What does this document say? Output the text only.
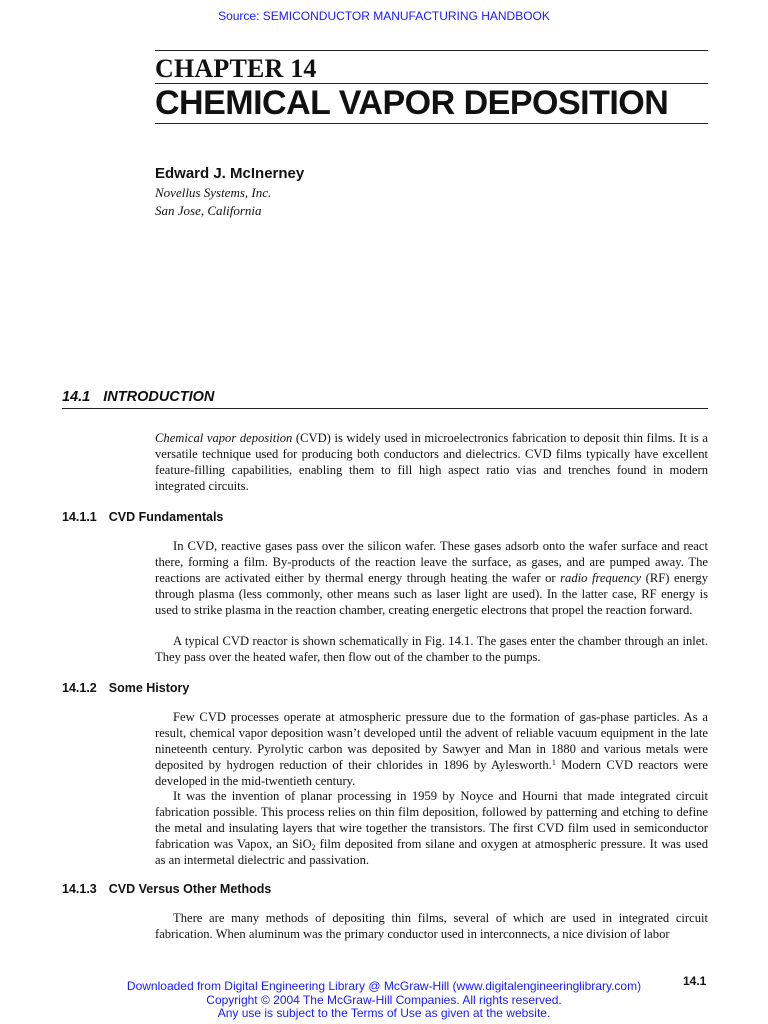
Source: SEMICONDUCTOR MANUFACTURING HANDBOOK
CHAPTER 14
CHEMICAL VAPOR DEPOSITION
Edward J. McInerney
Novellus Systems, Inc.
San Jose, California
14.1 INTRODUCTION

Chemical vapor deposition (CVD) is widely used in microelectronics fabrication to deposit thin films. It is a versatile technique used for producing both conductors and dielectrics. CVD films typically have excellent feature-filling capabilities, enabling them to fill high aspect ratio vias and trenches found in modern integrated circuits.

14.1.1 CVD Fundamentals

In CVD, reactive gases pass over the silicon wafer. These gases adsorb onto the wafer surface and react there, forming a film. By-products of the reaction leave the surface, as gases, and are pumped away. The reactions are activated either by thermal energy through heating the wafer or radio frequency (RF) energy through plasma (less commonly, other means such as laser light are used). In the latter case, RF energy is used to strike plasma in the reaction chamber, creating energetic electrons that propel the reaction forward.

A typical CVD reactor is shown schematically in Fig. 14.1. The gases enter the chamber through an inlet. They pass over the heated wafer, then flow out of the chamber to the pumps.

14.1.2 Some History

Few CVD processes operate at atmospheric pressure due to the formation of gas-phase particles. As a result, chemical vapor deposition wasn’t developed until the advent of reliable vacuum equipment in the late nineteenth century. Pyrolytic carbon was deposited by Sawyer and Man in 1880 and various metals were deposited by hydrogen reduction of their chlorides in 1896 by Aylesworth.$^1$ Modern CVD reactors were developed in the mid-twentieth century.

It was the invention of planar processing in 1959 by Noyce and Hourni that made integrated circuit fabrication possible. This process relies on thin film deposition, followed by patterning and etching to define the metal and insulating layers that wire together the transistors. The first CVD film used in semiconductor fabrication was Vapox, an SiO$_2$ film deposited from silane and oxygen at atmospheric pressure. It was used as an intermetal dielectric and passivation.

14.1.3 CVD Versus Other Methods

There are many methods of depositing thin films, several of which are used in integrated circuit fabrication. When aluminum was the primary conductor used in interconnects, a nice division of labor

14.1
Downloaded from Digital Engineering Library @ McGraw-Hill (www.digitalengineeringlibrary.com)
Copyright © 2004 The McGraw-Hill Companies. All rights reserved.
Any use is subject to the Terms of Use as given at the website.
